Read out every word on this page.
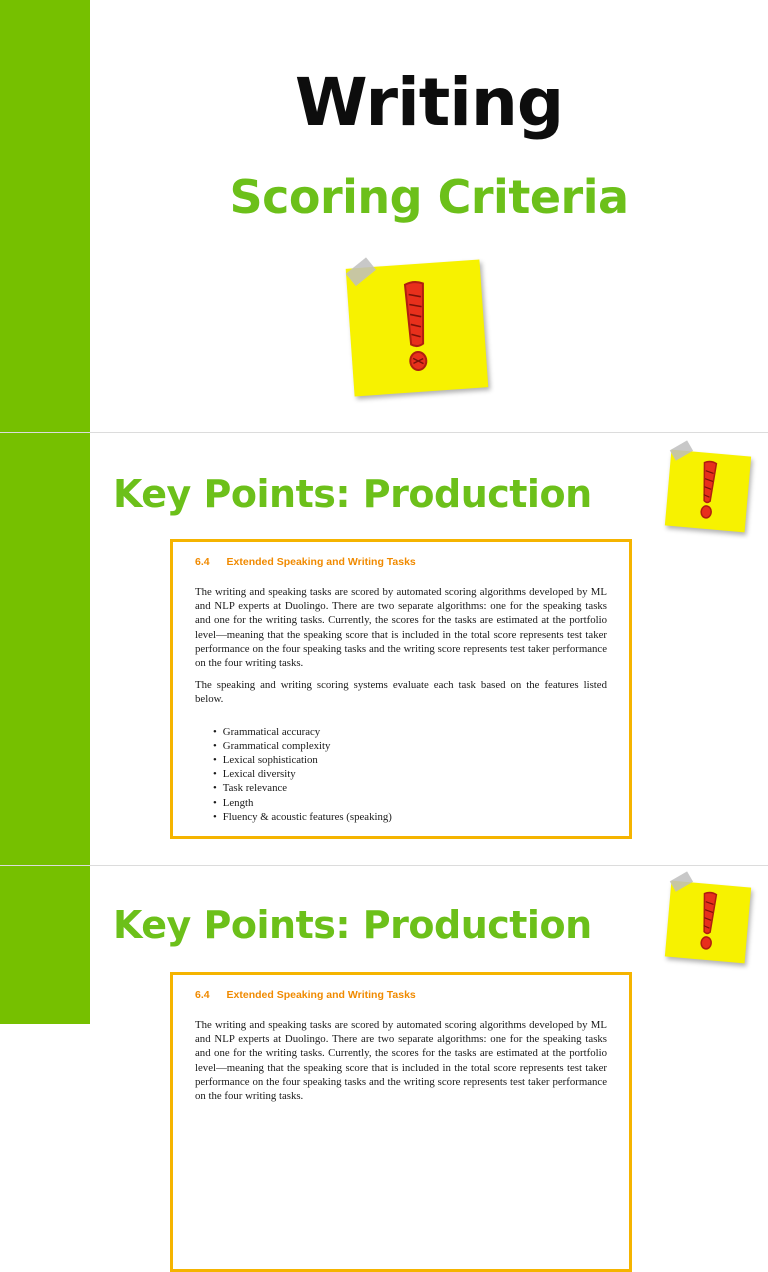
Writing
Scoring Criteria
Key Points: Production
6.4 Extended Speaking and Writing Tasks

The writing and speaking tasks are scored by automated scoring algorithms developed by ML and NLP experts at Duolingo. There are two separate algorithms: one for the speaking tasks and one for the writing tasks. Currently, the scores for the tasks are estimated at the portfolio level—meaning that the speaking score that is included in the total score represents test taker performance on the four speaking tasks and the writing score represents test taker performance on the four writing tasks.

The speaking and writing scoring systems evaluate each task based on the features listed below.

• Grammatical accuracy
• Grammatical complexity
• Lexical sophistication
• Lexical diversity
• Task relevance
• Length
• Fluency & acoustic features (speaking)
Key Points: Production
6.4 Extended Speaking and Writing Tasks

The writing and speaking tasks are scored by automated scoring algorithms developed by ML and NLP experts at Duolingo. There are two separate algorithms: one for the speaking tasks and one for the writing tasks. Currently, the scores for the tasks are estimated at the portfolio level—meaning that the speaking score that is included in the total score represents test taker performance on the four speaking tasks and the writing score represents test taker performance on the four writing tasks.
